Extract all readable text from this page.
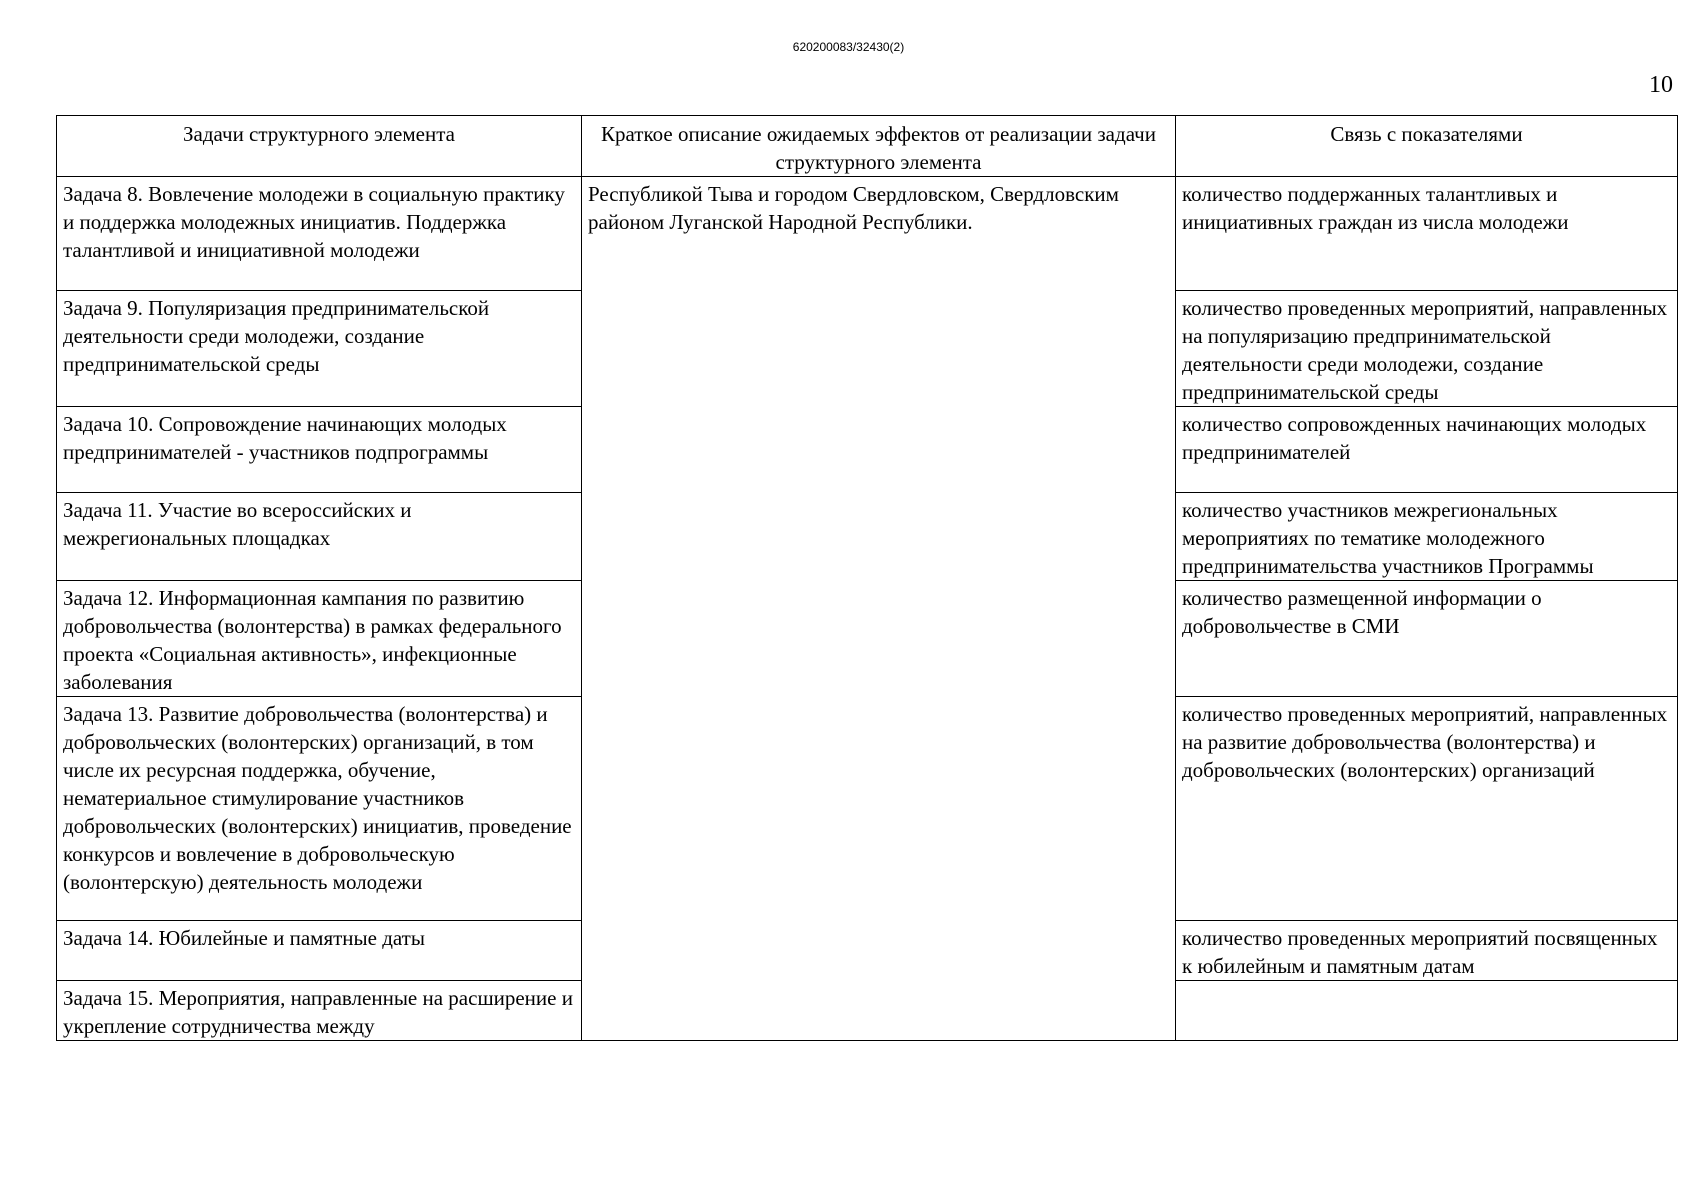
620200083/32430(2)
10
Задачи структурного элемента	Краткое описание ожидаемых эффектов от реализации задачи структурного элемента	Связь с показателями
Задача 8. Вовлечение молодежи в социальную практику и поддержка молодежных инициатив. Поддержка талантливой и инициативной молодежи	Республикой Тыва и городом Свердловском, Свердловским районом Луганской Народной Республики.	количество поддержанных талантливых и инициативных граждан из числа молодежи
Задача 9. Популяризация предпринимательской деятельности среди молодежи, создание предпринимательской среды		количество проведенных мероприятий, направленных на популяризацию предпринимательской деятельности среди молодежи, создание предпринимательской среды
Задача 10. Сопровождение начинающих молодых предпринимателей - участников подпрограммы		количество сопровожденных начинающих молодых предпринимателей
Задача 11. Участие во всероссийских и межрегиональных площадках		количество участников межрегиональных мероприятиях по тематике молодежного предпринимательства участников Программы
Задача 12. Информационная кампания по развитию добровольчества (волонтерства) в рамках федерального проекта «Социальная активность», инфекционные заболевания		количество размещенной информации о добровольчестве в СМИ
Задача 13. Развитие добровольчества (волонтерства) и добровольческих (волонтерских) организаций, в том числе их ресурсная поддержка, обучение, нематериальное стимулирование участников добровольческих (волонтерских) инициатив, проведение конкурсов и вовлечение в добровольческую (волонтерскую) деятельность молодежи		количество проведенных мероприятий, направленных на развитие добровольчества (волонтерства) и добровольческих (волонтерских) организаций
Задача 14. Юбилейные и памятные даты		количество проведенных мероприятий посвященных к юбилейным и памятным датам
Задача 15. Мероприятия, направленные на расширение и укрепление сотрудничества между		
